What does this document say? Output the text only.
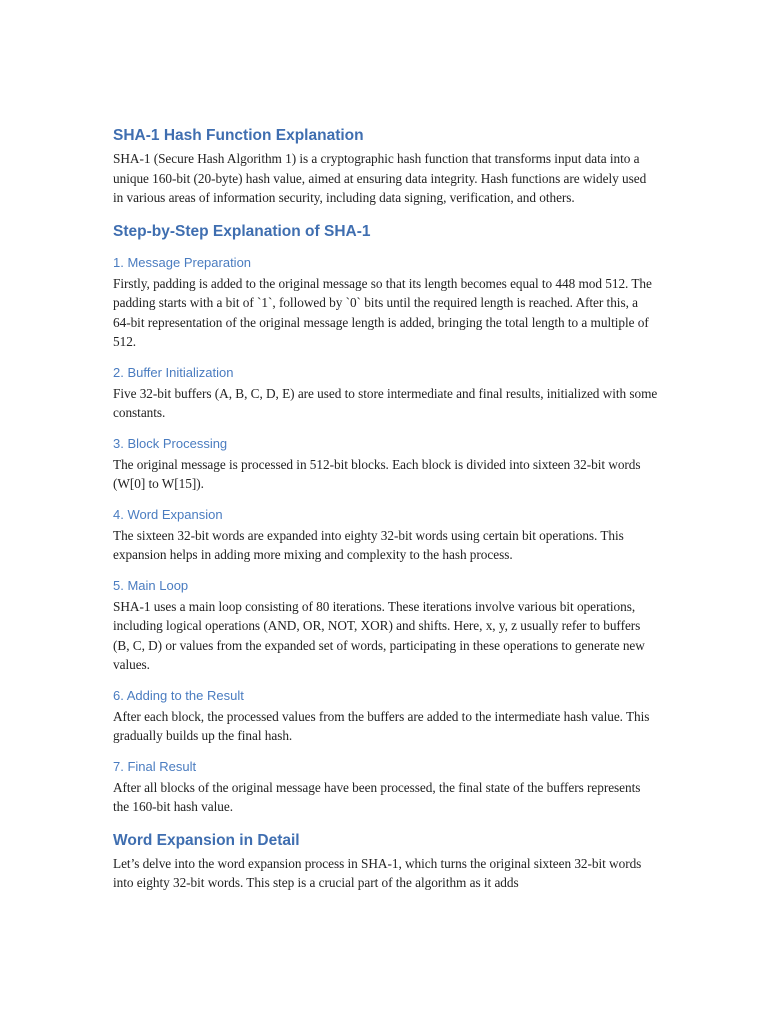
SHA-1 Hash Function Explanation

SHA-1 (Secure Hash Algorithm 1) is a cryptographic hash function that transforms input data into a unique 160-bit (20-byte) hash value, aimed at ensuring data integrity. Hash functions are widely used in various areas of information security, including data signing, verification, and others.

Step-by-Step Explanation of SHA-1
1. Message Preparation

Firstly, padding is added to the original message so that its length becomes equal to 448 mod 512. The padding starts with a bit of `1`, followed by `0` bits until the required length is reached. After this, a 64-bit representation of the original message length is added, bringing the total length to a multiple of 512.

2. Buffer Initialization

Five 32-bit buffers (A, B, C, D, E) are used to store intermediate and final results, initialized with some constants.

3. Block Processing

The original message is processed in 512-bit blocks. Each block is divided into sixteen 32-bit words (W[0] to W[15]).

4. Word Expansion

The sixteen 32-bit words are expanded into eighty 32-bit words using certain bit operations. This expansion helps in adding more mixing and complexity to the hash process.

5. Main Loop

SHA-1 uses a main loop consisting of 80 iterations. These iterations involve various bit operations, including logical operations (AND, OR, NOT, XOR) and shifts. Here, x, y, z usually refer to buffers (B, C, D) or values from the expanded set of words, participating in these operations to generate new values.

6. Adding to the Result

After each block, the processed values from the buffers are added to the intermediate hash value. This gradually builds up the final hash.

7. Final Result

After all blocks of the original message have been processed, the final state of the buffers represents the 160-bit hash value.

Word Expansion in Detail

Let’s delve into the word expansion process in SHA-1, which turns the original sixteen 32-bit words into eighty 32-bit words. This step is a crucial part of the algorithm as it adds
